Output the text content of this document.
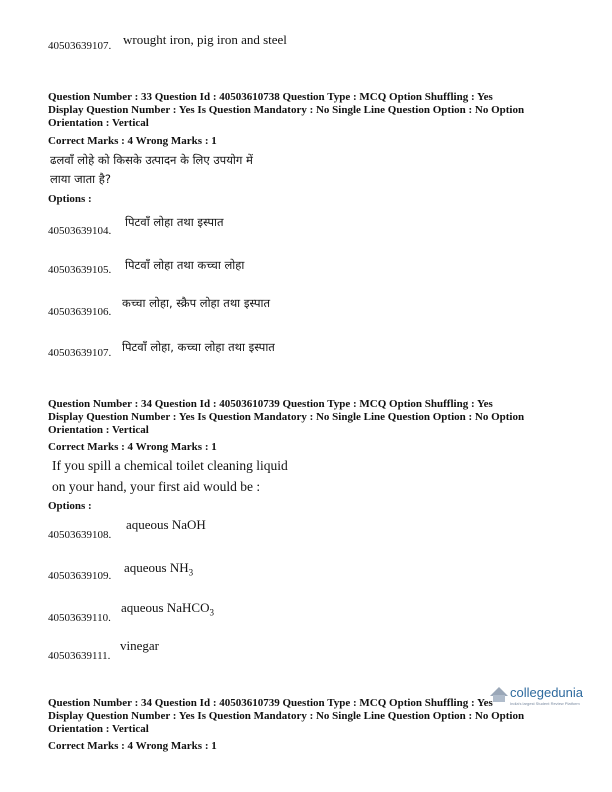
40503639107. wrought iron, pig iron and steel
Question Number : 33 Question Id : 40503610738 Question Type : MCQ Option Shuffling : Yes
Display Question Number : Yes Is Question Mandatory : No Single Line Question Option : No Option
Orientation : Vertical
Correct Marks : 4 Wrong Marks : 1
ढलवाँ लोहे को किसके उत्पादन के लिए उपयोग में
लाया जाता है?
Options :
40503639104.
पिटवाँ लोहा तथा इस्पात
40503639105. पिटवाँ लोहा तथा कच्चा लोहा
40503639106.
कच्चा लोहा, स्क्रैप लोहा तथा इस्पात
40503639107. पिटवाँ लोहा, कच्चा लोहा तथा इस्पात
Question Number : 34 Question Id : 40503610739 Question Type : MCQ Option Shuffling : Yes
Display Question Number : Yes Is Question Mandatory : No Single Line Question Option : No Option
Orientation : Vertical
Correct Marks : 4 Wrong Marks : 1
If you spill a chemical toilet cleaning liquid
on your hand, your first aid would be :
Options :
40503639108.
aqueous NaOH
40503639109.
aqueous $NH_3$
40503639110.
aqueous NaHCO$_3$
40503639111.
vinegar
Question Number : 34 Question Id : 40503610739 Question Type : MCQ Option Shuffling : Yes
Display Question Number : Yes Is Question Mandatory : No Single Line Question Option : No Option
Orientation : Vertical
Correct Marks : 4 Wrong Marks : 1
collegedunia
India's largest Student Review Platform
